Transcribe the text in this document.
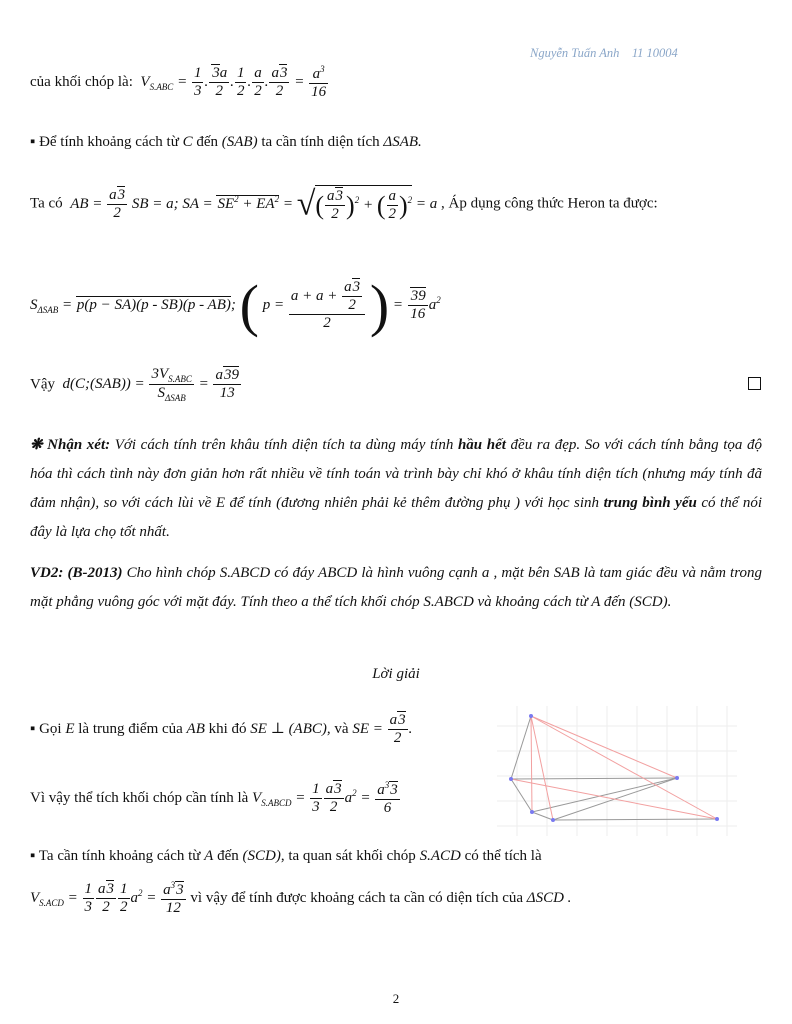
Nguyễn Tuấn Anh 11 10004
của khối chóp là:  $V_{S.ABC} = \frac{1}{3}$ . $\frac{3a}{2}$ . $\frac{1}{2}$ . $\frac{a}{2}$ . $\frac{a3}{2} = \frac{a^3}{16}$
▪ Để tính khoảng cách từ C đến (SAB) ta cần tính diện tích ΔSAB.
Ta có  AB = $\frac{a3}{2}$ SB = a; SA = $SE^2 + EA^2$ = √( $\frac{a3}{2} )^2$ + ( $\frac{a}{2} )^2 = a$ , Áp dụng công thức Heron ta được:
$S_{\Delta SAB} = p(p - SA)(p - SB)(p - AB)$; ( $p = \frac{a + a + \frac{a3}{2}}{2}$ ) = $\frac{39}{16} a^2$
Vậy  d(C;(SAB)) = $\frac{3V_{S.ABC}}{S_{\Delta SAB}} = \frac{a39}{13}$
❋ Nhận xét: Với cách tính trên khâu tính diện tích ta dùng máy tính hầu hết đều ra đẹp. So với cách tính bằng tọa độ hóa thì cách tình này đơn giản hơn rất nhiều về tính toán và trình bày chỉ khó ở khâu tính diện tích (nhưng máy tính đã đảm nhận), so với cách lùi về E để tính (đương nhiên phải kẻ thêm đường phụ ) với học sinh trung bình yếu có thể nói đây là lựa chọ tốt nhất.
VD2: (B-2013) Cho hình chóp S.ABCD có đáy ABCD là hình vuông cạnh a , mặt bên SAB là tam giác đều và nằm trong mặt phẳng vuông góc với mặt đáy. Tính theo a thể tích khối chóp S.ABCD và khoảng cách từ A đến (SCD).
Lời giải
▪ Gọi E là trung điểm của AB khi đó SE ⊥ (ABC), và SE = $\frac{a3}{2}$ .
Vì vậy thể tích khối chóp cần tính là $V_{S.ABCD} = \frac{1}{3} \frac{a3}{2} a^2 = \frac{a^33}{6}$
▪ Ta cần tính khoảng cách từ A đến (SCD), ta quan sát khối chóp S.ACD có thể tích là
$V_{S.ACD} = \frac{1}{3} \frac{a3}{2} \frac{1}{2} a^2 = \frac{a^33}{12}$ vì vậy để tính được khoảng cách ta cần có diện tích của ΔSCD .
2
